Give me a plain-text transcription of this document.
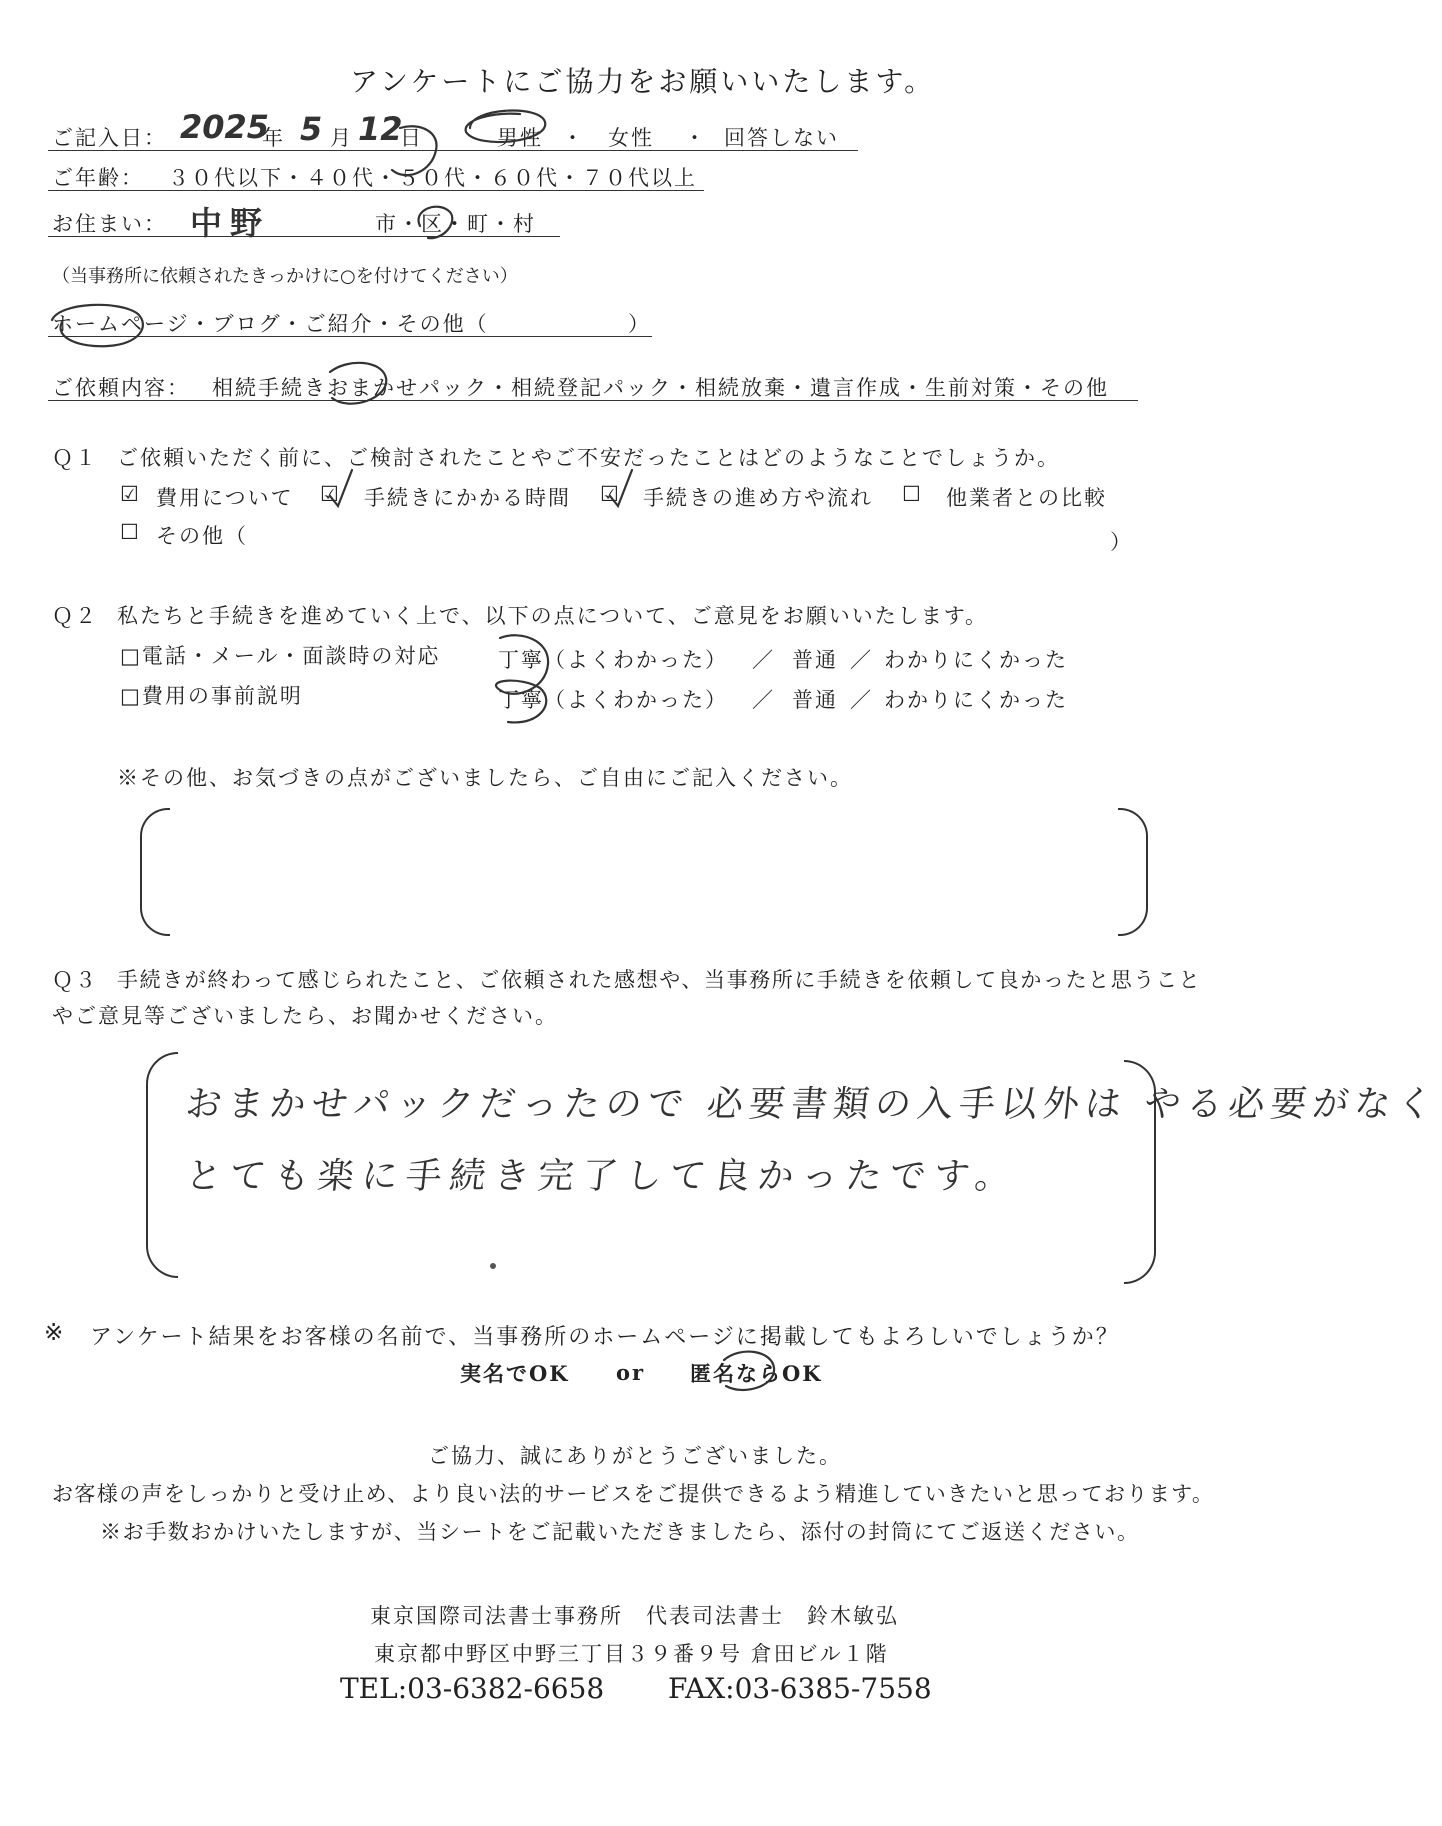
アンケートにご協力をお願いいたします。
ご記入日： 2025
年 5 月 12
日	男性 ・ 女性 ・ 回答しない
ご年齢： ３０代以下・４０代・５０代・６０代・７０代以上
お住まい： 中野	市・区・町・村
（当事務所に依頼されたきっかけに○を付けてください）
ホームページ・ブログ・ご紹介・その他（	）
ご依頼内容： 相続手続きおまかせパック・相続登記パック・相続放棄・遺言作成・生前対策・その他
Ｑ１ ご依頼いただく前に、ご検討されたことやご不安だったことはどのようなことでしょうか。
☑ 費用について ☑ 手続きにかかる時間 ☑ 手続きの進め方や流れ ☐ 他業者との比較
☐ その他（	）
Ｑ２ 私たちと手続きを進めていく上で、以下の点について、ご意見をお願いいたします。
□電話・メール・面談時の対応	丁寧（よくわかった） ／ 普通 ／ わかりにくかった
□費用の事前説明	丁寧（よくわかった） ／ 普通 ／ わかりにくかった
※その他、お気づきの点がございましたら、ご自由にご記入ください。
Ｑ３ 手続きが終わって感じられたこと、ご依頼された感想や、当事務所に手続きを依頼して良かったと思うこと
やご意見等ございましたら、お聞かせください。
おまかせパックだったので 必要書類の入手以外は やる必要がなく
とても楽に手続き完了して良かったです。
※ アンケート結果をお客様の名前で、当事務所のホームページに掲載してもよろしいでしょうか？
実名でOK or 匿名ならOK
ご協力、誠にありがとうございました。
お客様の声をしっかりと受け止め、より良い法的サービスをご提供できるよう精進していきたいと思っております。
※お手数おかけいたしますが、当シートをご記載いただきましたら、添付の封筒にてご返送ください。
東京国際司法書士事務所　代表司法書士　鈴木敏弘
東京都中野区中野三丁目３９番９号 倉田ビル１階
TEL:03-6382-6658 FAX:03-6385-7558
